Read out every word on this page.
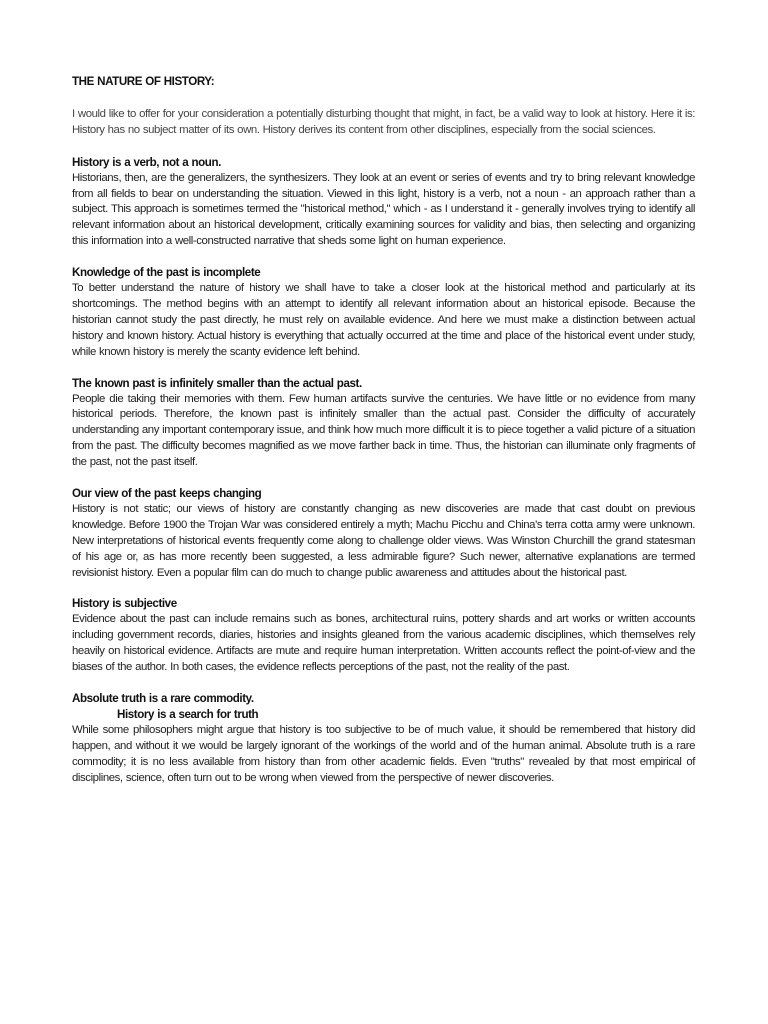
THE NATURE OF HISTORY:

I would like to offer for your consideration a potentially disturbing thought that might, in fact, be a valid way to look at history. Here it is: History has no subject matter of its own. History derives its content from other disciplines, especially from the social sciences.

History is a verb, not a noun.

Historians, then, are the generalizers, the synthesizers. They look at an event or series of events and try to bring relevant knowledge from all fields to bear on understanding the situation. Viewed in this light, history is a verb, not a noun - an approach rather than a subject. This approach is sometimes termed the "historical method," which - as I understand it - generally involves trying to identify all relevant information about an historical development, critically examining sources for validity and bias, then selecting and organizing this information into a well-constructed narrative that sheds some light on human experience.

Knowledge of the past is incomplete

To better understand the nature of history we shall have to take a closer look at the historical method and particularly at its shortcomings. The method begins with an attempt to identify all relevant information about an historical episode. Because the historian cannot study the past directly, he must rely on available evidence. And here we must make a distinction between actual history and known history. Actual history is everything that actually occurred at the time and place of the historical event under study, while known history is merely the scanty evidence left behind.

The known past is infinitely smaller than the actual past.

People die taking their memories with them. Few human artifacts survive the centuries. We have little or no evidence from many historical periods. Therefore, the known past is infinitely smaller than the actual past. Consider the difficulty of accurately understanding any important contemporary issue, and think how much more difficult it is to piece together a valid picture of a situation from the past. The difficulty becomes magnified as we move farther back in time. Thus, the historian can illuminate only fragments of the past, not the past itself.

Our view of the past keeps changing

History is not static; our views of history are constantly changing as new discoveries are made that cast doubt on previous knowledge. Before 1900 the Trojan War was considered entirely a myth; Machu Picchu and China's terra cotta army were unknown. New interpretations of historical events frequently come along to challenge older views. Was Winston Churchill the grand statesman of his age or, as has more recently been suggested, a less admirable figure? Such newer, alternative explanations are termed revisionist history. Even a popular film can do much to change public awareness and attitudes about the historical past.

History is subjective

Evidence about the past can include remains such as bones, architectural ruins, pottery shards and art works or written accounts including government records, diaries, histories and insights gleaned from the various academic disciplines, which themselves rely heavily on historical evidence. Artifacts are mute and require human interpretation. Written accounts reflect the point-of-view and the biases of the author. In both cases, the evidence reflects perceptions of the past, not the reality of the past.

Absolute truth is a rare commodity.
History is a search for truth

While some philosophers might argue that history is too subjective to be of much value, it should be remembered that history did happen, and without it we would be largely ignorant of the workings of the world and of the human animal. Absolute truth is a rare commodity; it is no less available from history than from other academic fields. Even "truths" revealed by that most empirical of disciplines, science, often turn out to be wrong when viewed from the perspective of newer discoveries.
